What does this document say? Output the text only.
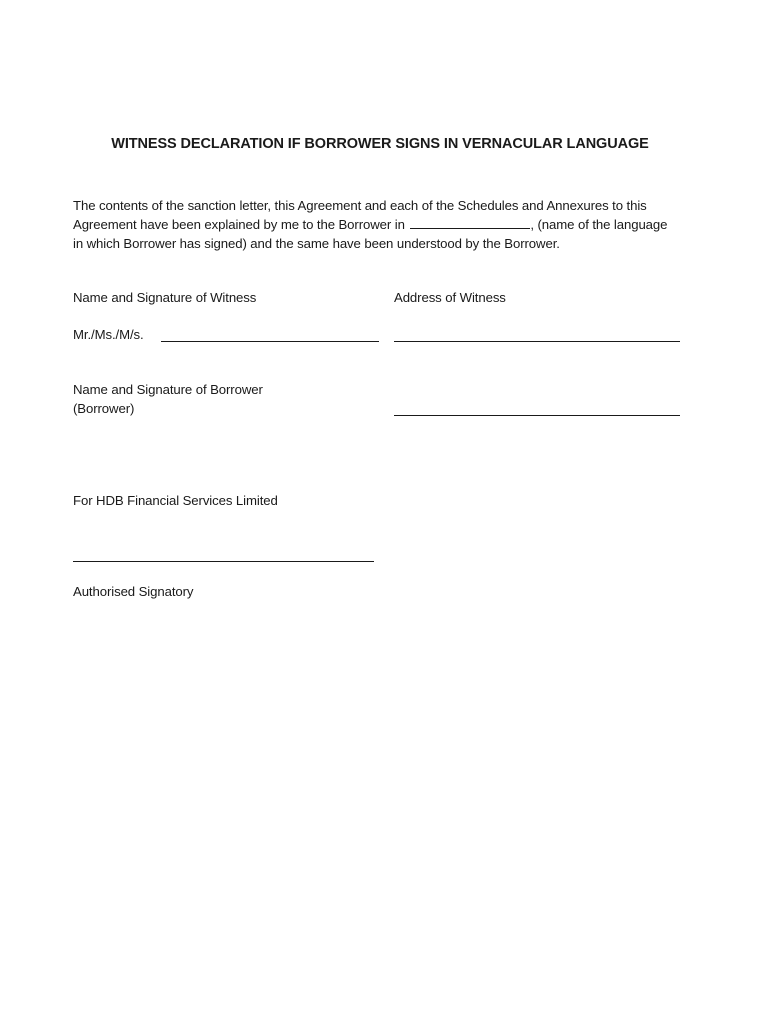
WITNESS DECLARATION IF BORROWER SIGNS IN VERNACULAR LANGUAGE
The contents of the sanction letter, this Agreement and each of the Schedules and Annexures to this Agreement have been explained by me to the Borrower in	, (name of the language in which Borrower has signed) and the same have been understood by the Borrower.
Name and Signature of Witness	Address of Witness
Mr./Ms./M/s.
Name and Signature of Borrower
(Borrower)
For HDB Financial Services Limited
Authorised Signatory
